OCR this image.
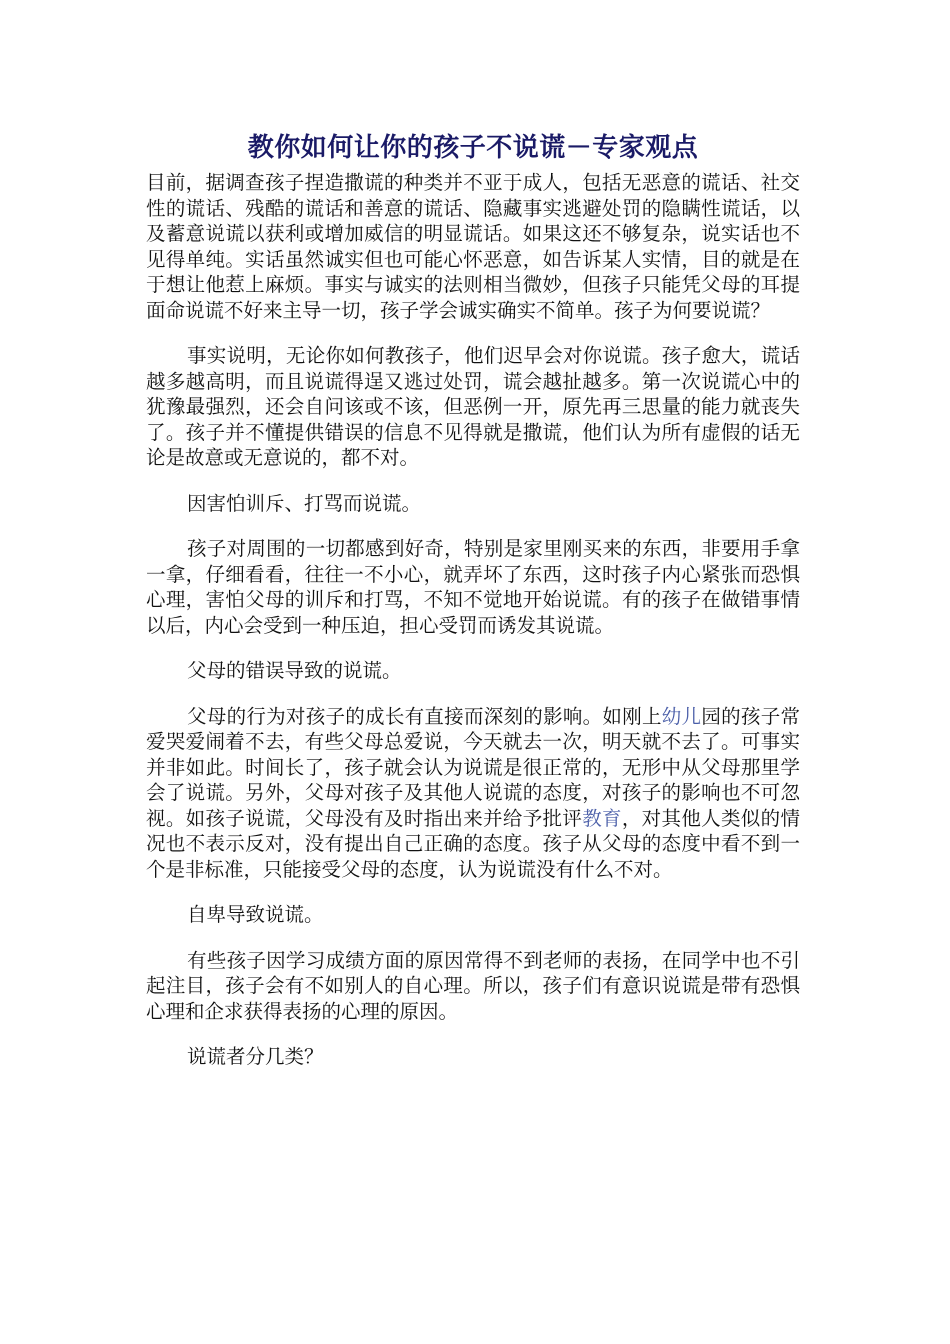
教你如何让你的孩子不说谎－专家观点

目前，据调查孩子捏造撒谎的种类并不亚于成人，包括无恶意的谎话、社交性的谎话、残酷的谎话和善意的谎话、隐藏事实逃避处罚的隐瞒性谎话，以及蓄意说谎以获利或增加威信的明显谎话。如果这还不够复杂，说实话也不见得单纯。实话虽然诚实但也可能心怀恶意，如告诉某人实情，目的就是在于想让他惹上麻烦。事实与诚实的法则相当微妙，但孩子只能凭父母的耳提面命说谎不好来主导一切，孩子学会诚实确实不简单。孩子为何要说谎？

事实说明，无论你如何教孩子，他们迟早会对你说谎。孩子愈大，谎话越多越高明，而且说谎得逞又逃过处罚，谎会越扯越多。第一次说谎心中的犹豫最强烈，还会自问该或不该，但恶例一开，原先再三思量的能力就丧失了。孩子并不懂提供错误的信息不见得就是撒谎，他们认为所有虚假的话无论是故意或无意说的，都不对。

因害怕训斥、打骂而说谎。

孩子对周围的一切都感到好奇，特别是家里刚买来的东西，非要用手拿一拿，仔细看看，往往一不小心，就弄坏了东西，这时孩子内心紧张而恐惧心理，害怕父母的训斥和打骂，不知不觉地开始说谎。有的孩子在做错事情以后，内心会受到一种压迫，担心受罚而诱发其说谎。

父母的错误导致的说谎。

父母的行为对孩子的成长有直接而深刻的影响。如刚上幼儿园的孩子常爱哭爱闹着不去，有些父母总爱说，今天就去一次，明天就不去了。可事实并非如此。时间长了，孩子就会认为说谎是很正常的，无形中从父母那里学会了说谎。另外，父母对孩子及其他人说谎的态度，对孩子的影响也不可忽视。如孩子说谎，父母没有及时指出来并给予批评教育，对其他人类似的情况也不表示反对，没有提出自己正确的态度。孩子从父母的态度中看不到一个是非标准，只能接受父母的态度，认为说谎没有什么不对。

自卑导致说谎。

有些孩子因学习成绩方面的原因常得不到老师的表扬，在同学中也不引起注目，孩子会有不如别人的自心理。所以，孩子们有意识说谎是带有恐惧心理和企求获得表扬的心理的原因。

说谎者分几类？
